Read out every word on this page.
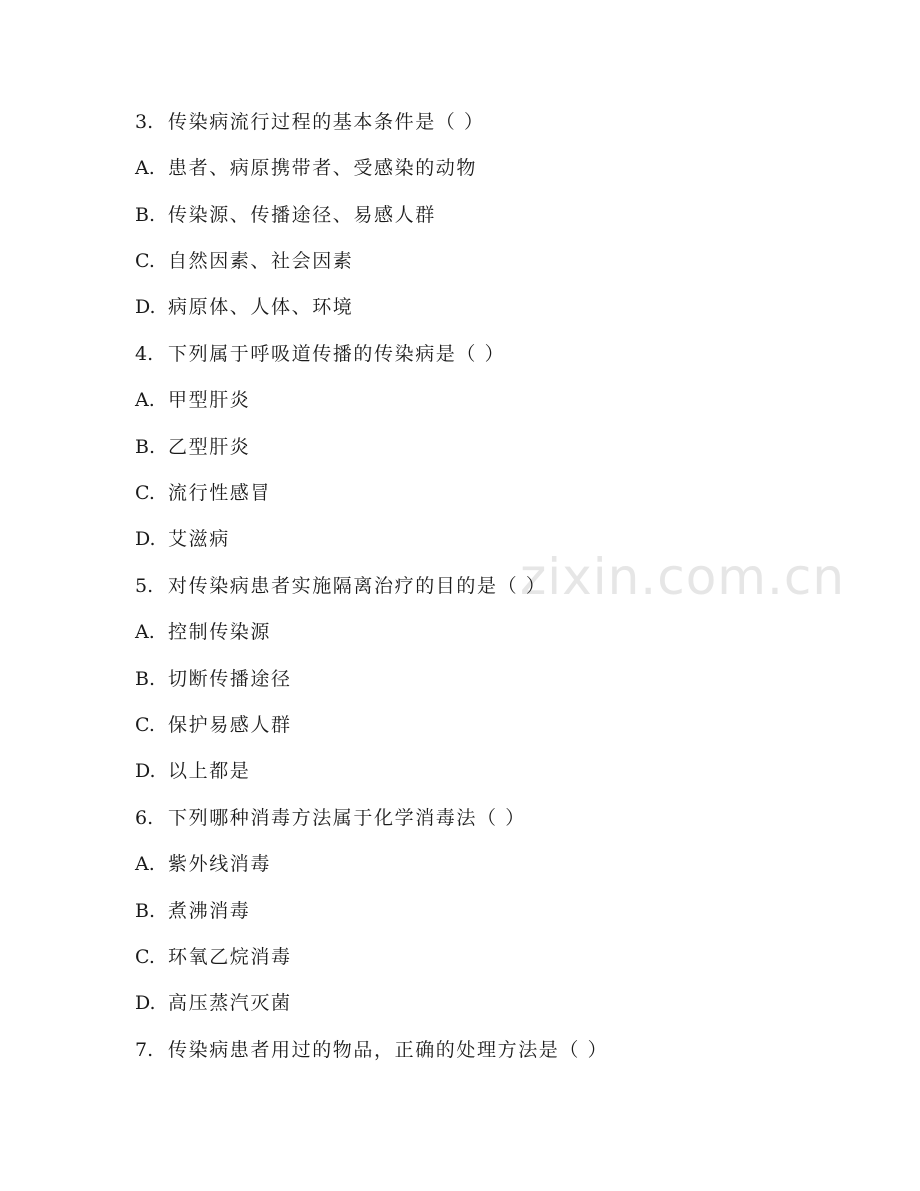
zixin.com.cn
3. 传染病流行过程的基本条件是（ ）
A. 患者、病原携带者、受感染的动物
B. 传染源、传播途径、易感人群
C. 自然因素、社会因素
D. 病原体、人体、环境
4. 下列属于呼吸道传播的传染病是（ ）
A. 甲型肝炎
B. 乙型肝炎
C. 流行性感冒
D. 艾滋病
5. 对传染病患者实施隔离治疗的目的是（ ）
A. 控制传染源
B. 切断传播途径
C. 保护易感人群
D. 以上都是
6. 下列哪种消毒方法属于化学消毒法（ ）
A. 紫外线消毒
B. 煮沸消毒
C. 环氧乙烷消毒
D. 高压蒸汽灭菌
7. 传染病患者用过的物品，正确的处理方法是（ ）
